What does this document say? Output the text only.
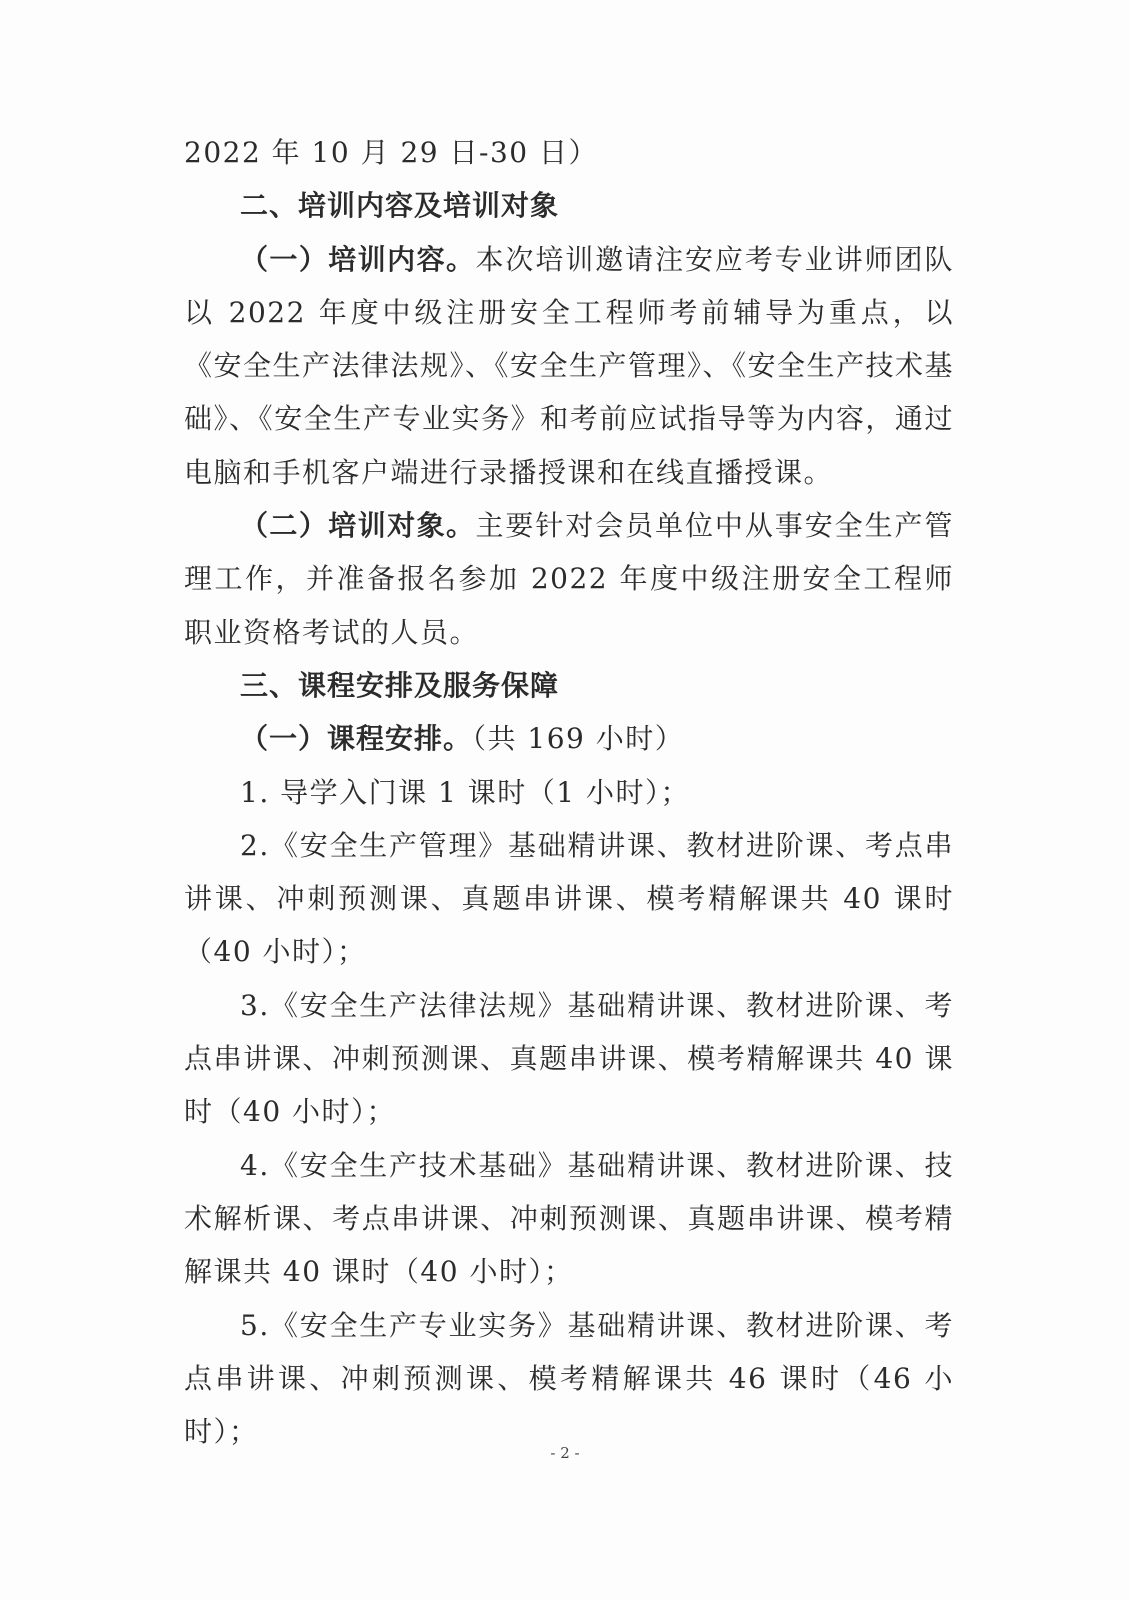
2022 年 10 月 29 日-30 日）

二、培训内容及培训对象

（一）培训内容。本次培训邀请注安应考专业讲师团队以 2022 年度中级注册安全工程师考前辅导为重点，以《安全生产法律法规》、《安全生产管理》、《安全生产技术基础》、《安全生产专业实务》和考前应试指导等为内容，通过电脑和手机客户端进行录播授课和在线直播授课。

（二）培训对象。主要针对会员单位中从事安全生产管理工作，并准备报名参加 2022 年度中级注册安全工程师职业资格考试的人员。

三、课程安排及服务保障

（一）课程安排。（共 169 小时）

1. 导学入门课 1 课时（1 小时）；

2.《安全生产管理》基础精讲课、教材进阶课、考点串讲课、冲刺预测课、真题串讲课、模考精解课共 40 课时（40 小时）；

3.《安全生产法律法规》基础精讲课、教材进阶课、考点串讲课、冲刺预测课、真题串讲课、模考精解课共 40 课时（40 小时）；

4.《安全生产技术基础》基础精讲课、教材进阶课、技术解析课、考点串讲课、冲刺预测课、真题串讲课、模考精解课共 40 课时（40 小时）；

5.《安全生产专业实务》基础精讲课、教材进阶课、考点串讲课、冲刺预测课、模考精解课共 46 课时（46 小时）；

- 2 -
